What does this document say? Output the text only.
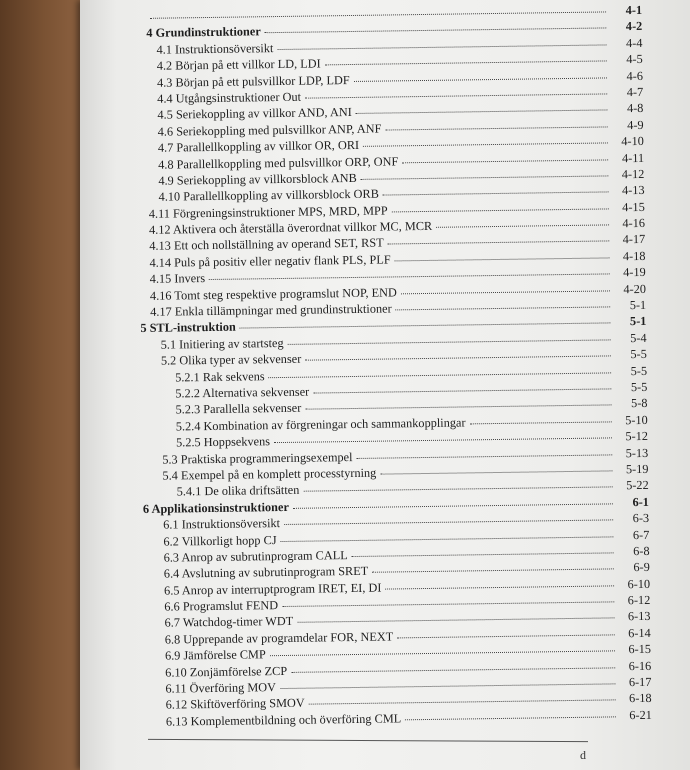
4-1
4 Grundinstruktioner	4-2
4.1 Instruktionsöversikt	4-4
4.2 Början på ett villkor LD, LDI	4-5
4.3 Början på ett pulsvillkor LDP, LDF	4-6
4.4 Utgångsinstruktioner Out	4-7
4.5 Seriekoppling av villkor AND, ANI	4-8
4.6 Seriekoppling med pulsvillkor ANP, ANF	4-9
4.7 Parallellkoppling av villkor OR, ORI	4-10
4.8 Parallellkoppling med pulsvillkor ORP, ONF	4-11
4.9 Seriekoppling av villkorsblock ANB	4-12
4.10 Parallellkoppling av villkorsblock ORB	4-13
4.11 Förgreningsinstruktioner MPS, MRD, MPP	4-15
4.12 Aktivera och återställa överordnat villkor MC, MCR	4-16
4.13 Ett och nollställning av operand SET, RST	4-17
4.14 Puls på positiv eller negativ flank PLS, PLF	4-18
4.15 Invers	4-19
4.16 Tomt steg respektive programslut NOP, END	4-20
4.17 Enkla tillämpningar med grundinstruktioner	5-1
5 STL-instruktion	5-1
5.1 Initiering av startsteg	5-4
5.2 Olika typer av sekvenser	5-5
5.2.1 Rak sekvens	5-5
5.2.2 Alternativa sekvenser	5-5
5.2.3 Parallella sekvenser	5-8
5.2.4 Kombination av förgreningar och sammankopplingar	5-10
5.2.5 Hoppsekvens	5-12
5.3 Praktiska programmeringsexempel	5-13
5.4 Exempel på en komplett processtyrning	5-19
5.4.1 De olika driftsätten	5-22
6 Applikationsinstruktioner	6-1
6.1 Instruktionsöversikt	6-3
6.2 Villkorligt hopp CJ	6-7
6.3 Anrop av subrutinprogram CALL	6-8
6.4 Avslutning av subrutinprogram SRET	6-9
6.5 Anrop av interruptprogram IRET, EI, DI	6-10
6.6 Programslut FEND	6-12
6.7 Watchdog-timer WDT	6-13
6.8 Upprepande av programdelar FOR, NEXT	6-14
6.9 Jämförelse CMP	6-15
6.10 Zonjämförelse ZCP	6-16
6.11 Överföring MOV	6-17
6.12 Skiftöverföring SMOV	6-18
6.13 Komplementbildning och överföring CML	6-21
d
